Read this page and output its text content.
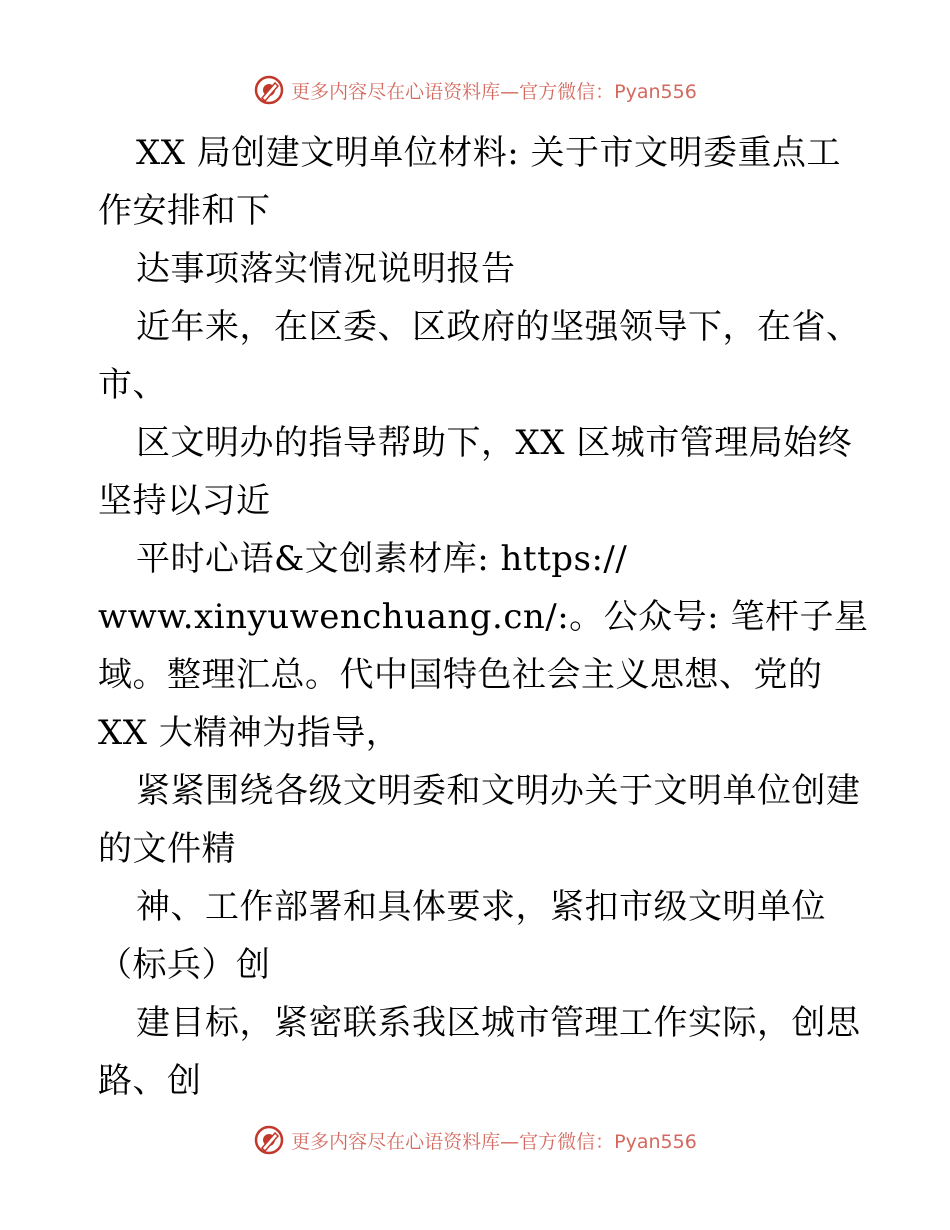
更多内容尽在心语资料库—官方微信：Pyan556
XX 局创建文明单位材料: 关于市文明委重点工
作安排和下
达事项落实情况说明报告
近年来，在区委、区政府的坚强领导下，在省、
市、
区文明办的指导帮助下，XX 区城市管理局始终
坚持以习近
平时心语&文创素材库: https://
www.xinyuwenchuang.cn/:。公众号: 笔杆子星
域。整理汇总。代中国特色社会主义思想、党的
XX 大精神为指导，
紧紧围绕各级文明委和文明办关于文明单位创建
的文件精
神、工作部署和具体要求，紧扣市级文明单位
（标兵）创
建目标，紧密联系我区城市管理工作实际，创思
路、创
更多内容尽在心语资料库—官方微信：Pyan556
